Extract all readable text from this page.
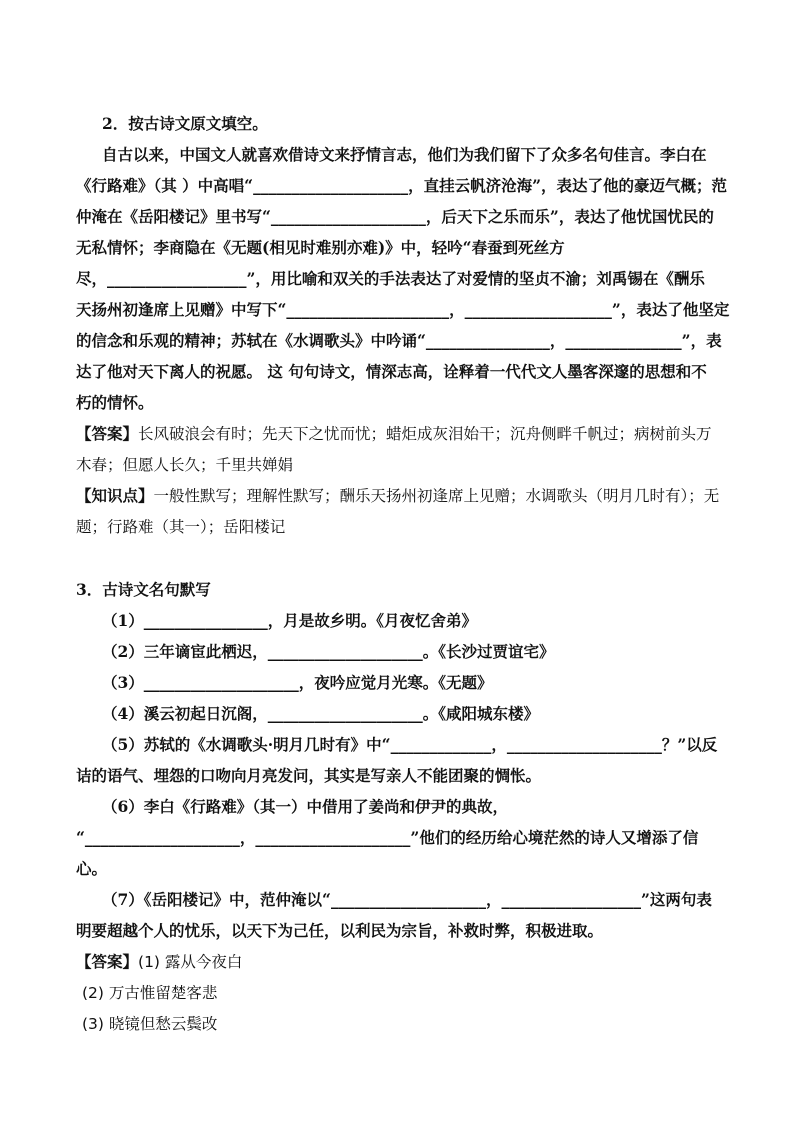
2．按古诗文原文填空。
自古以来，中国文人就喜欢借诗文来抒情言志，他们为我们留下了众多名句佳言。李白在
《行路难》（其 ）中高唱“____________________，直挂云帆济沧海”，表达了他的豪迈气概；范
仲淹在《岳阳楼记》里书写“____________________，后天下之乐而乐”，表达了他忧国忧民的
无私情怀；李商隐在《无题(相见时难别亦难)》中，轻吟“春蚕到死丝方
尽，__________________”，用比喻和双关的手法表达了对爱情的坚贞不渝；刘禹锡在《酬乐
天扬州初逢席上见赠》中写下“_____________________，___________________”，表达了他坚定
的信念和乐观的精神；苏轼在《水调歌头》中吟诵“________________，_______________”，表
达了他对天下离人的祝愿。 这 句句诗文，情深志高，诠释着一代代文人墨客深邃的思想和不
朽的情怀。
【答案】长风破浪会有时；先天下之忧而忧；蜡炬成灰泪始干；沉舟侧畔千帆过；病树前头万
木春；但愿人长久；千里共婵娟
【知识点】一般性默写；理解性默写；酬乐天扬州初逢席上见赠；水调歌头（明月几时有）；无
题；行路难（其一）；岳阳楼记
3．古诗文名句默写
（1）________________，月是故乡明。《月夜忆舍弟》
（2）三年谪宦此栖迟，____________________。《长沙过贾谊宅》
（3）____________________，夜吟应觉月光寒。《无题》
（4）溪云初起日沉阁，____________________。《咸阳城东楼》
（5）苏轼的《水调歌头·明月几时有》中“_____________，____________________？”以反
诘的语气、埋怨的口吻向月亮发问，其实是写亲人不能团聚的惆怅。
（6）李白《行路难》（其一）中借用了姜尚和伊尹的典故，
“____________________，____________________”他们的经历给心境茫然的诗人又增添了信
心。
（7）《岳阳楼记》中，范仲淹以“____________________，__________________”这两句表
明要超越个人的忧乐，以天下为己任，以利民为宗旨，补救时弊，积极进取。
【答案】(1) 露从今夜白
(2) 万古惟留楚客悲
(3) 晓镜但愁云鬓改
